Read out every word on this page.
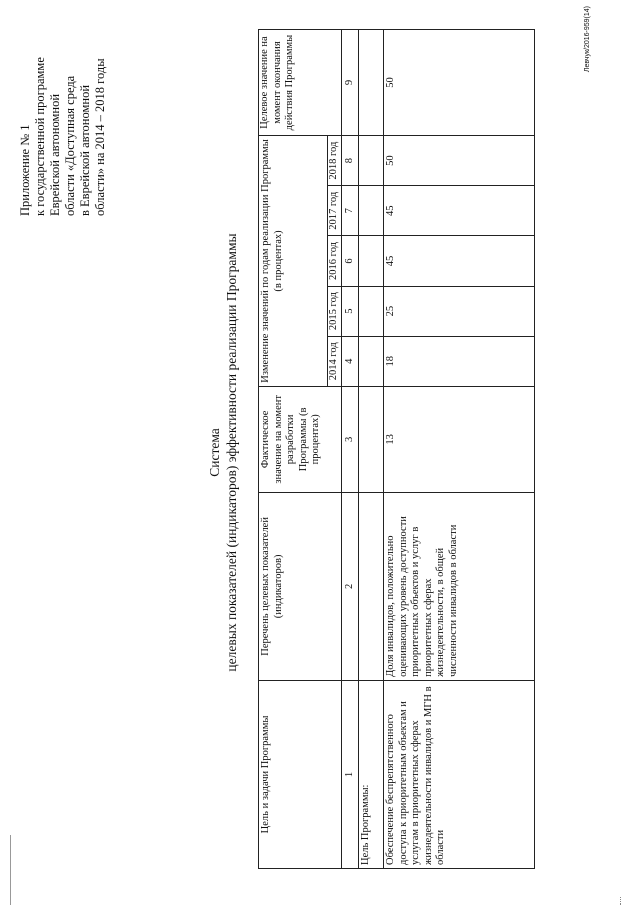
Приложение № 1 к государственной программе Еврейской автономной области «Доступная среда в Еврейской автономной области» на 2014 – 2018 годы
Система целевых показателей (индикаторов) эффективности реализации Программы
Цель и задачи Программы	Перечень целевых показателей (индикаторов)	Фактическое значение на момент разработки Программы (в процентах)	Изменение значений по годам реализации Программы (в процентах)					Целевое значение на момент окончания действия Программы
			2014 год	2015 год	2016 год	2017 год	2018 год	
1	2	3	4	5	6	7	8	9
Цель Программы:								
Обеспечение беспрепятственного доступа к приоритетным объектам и услугам в приоритетных сферах жизнедеятельности инвалидов и МГН в области	Доля инвалидов, положительно оценивающих уровень доступности приоритетных объектов и услуг в приоритетных сферах жизнедеятельности, в общей численности инвалидов в области	13	18	25	45	45	50	50
Левчук/2016-959(14)
